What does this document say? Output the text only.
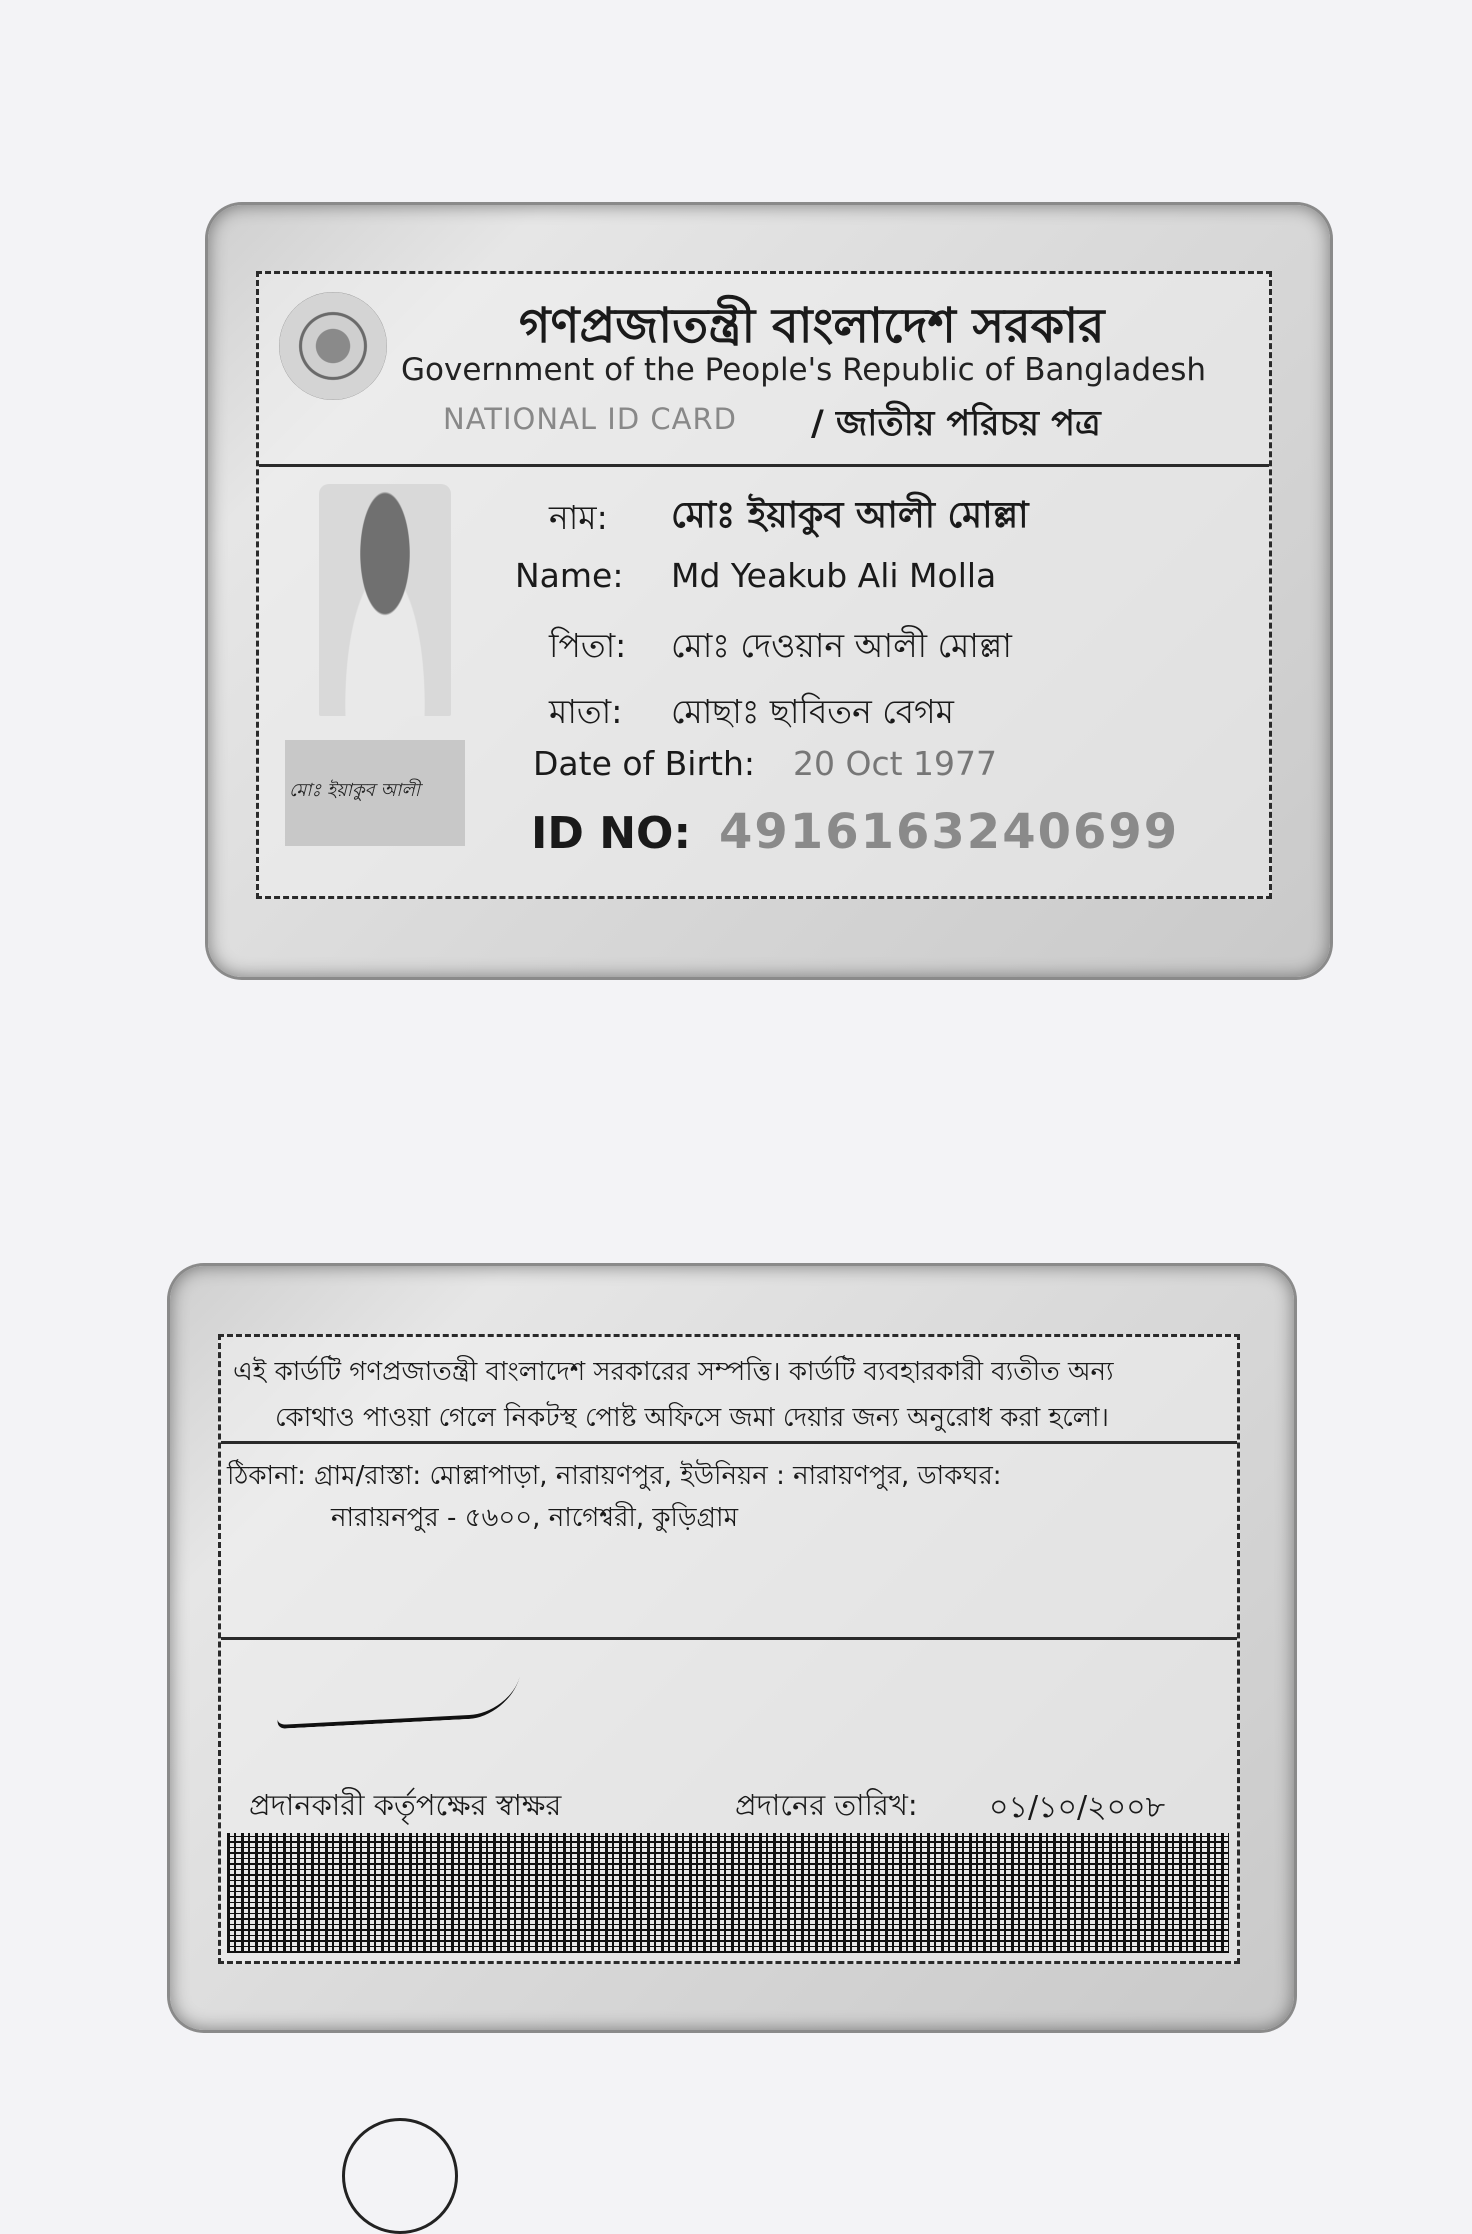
গণপ্রজাতন্ত্রী বাংলাদেশ সরকার
Government of the People's Republic of Bangladesh
NATIONAL ID CARD / জাতীয় পরিচয় পত্র
মোঃ ইয়াকুব আলী
নাম: মোঃ ইয়াকুব আলী মোল্লা
Name: Md Yeakub Ali Molla
পিতা: মোঃ দেওয়ান আলী মোল্লা
মাতা: মোছাঃ ছাবিতন বেগম
Date of Birth: 20 Oct 1977
ID NO: 4916163240699
এই কার্ডটি গণপ্রজাতন্ত্রী বাংলাদেশ সরকারের সম্পত্তি। কার্ডটি ব্যবহারকারী ব্যতীত অন্য
কোথাও পাওয়া গেলে নিকটস্থ পোষ্ট অফিসে জমা দেয়ার জন্য অনুরোধ করা হলো।
ঠিকানা: গ্রাম/রাস্তা: মোল্লাপাড়া, নারায়ণপুর, ইউনিয়ন : নারায়ণপুর, ডাকঘর:
নারায়নপুর - ৫৬০০, নাগেশ্বরী, কুড়িগ্রাম
প্রদানকারী কর্তৃপক্ষের স্বাক্ষর	প্রদানের তারিখ: ০১/১০/২০০৮
